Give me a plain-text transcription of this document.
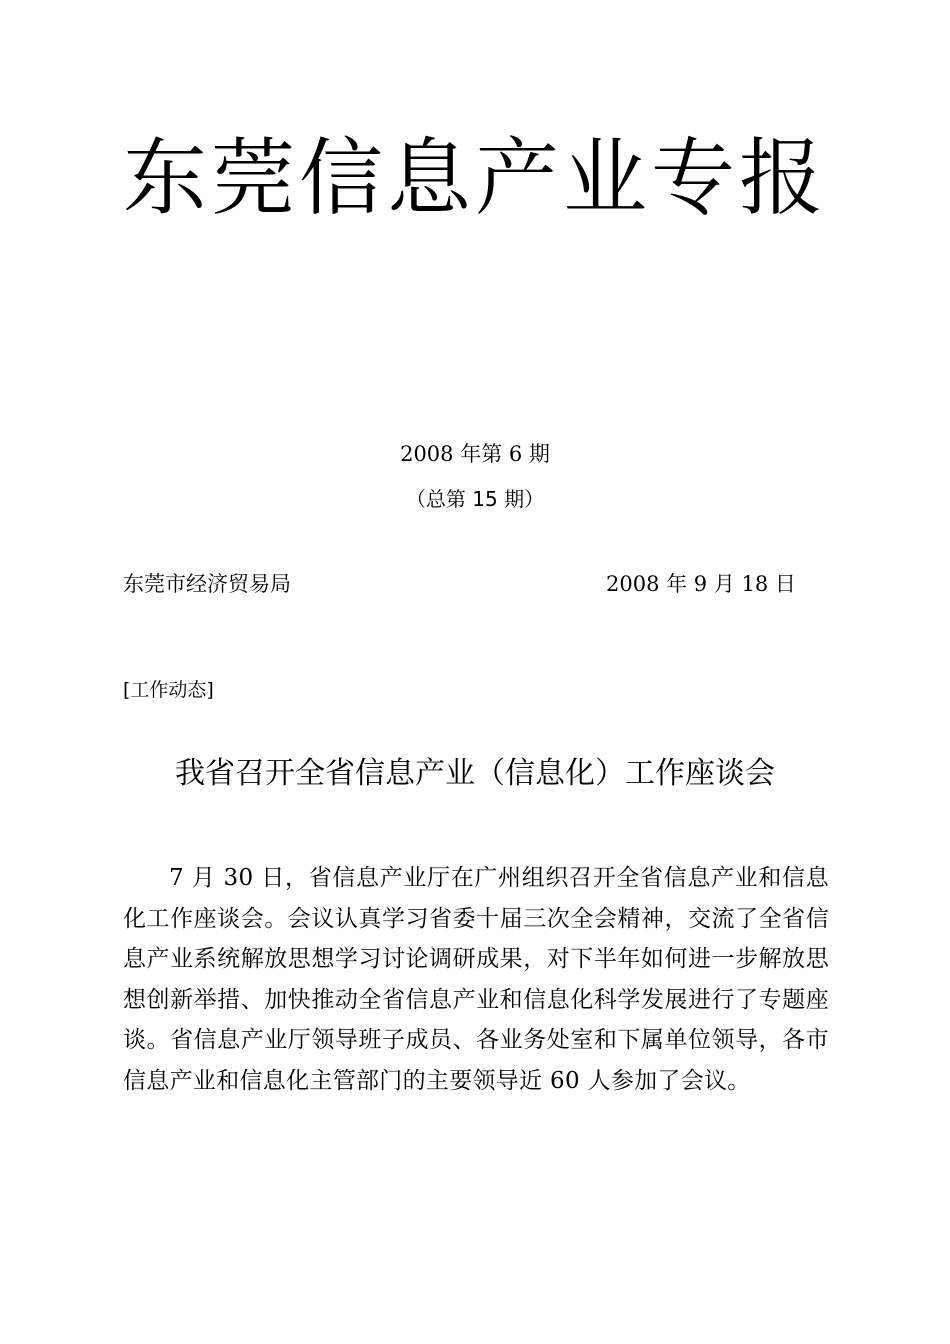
东莞信息产业专报
2008 年第 6 期
（总第 15 期）
东莞市经济贸易局	2008 年 9 月 18 日
[工作动态]
我省召开全省信息产业（信息化）工作座谈会

7 月 30 日，省信息产业厅在广州组织召开全省信息产业和信息化工作座谈会。会议认真学习省委十届三次全会精神，交流了全省信息产业系统解放思想学习讨论调研成果，对下半年如何进一步解放思想创新举措、加快推动全省信息产业和信息化科学发展进行了专题座谈。省信息产业厅领导班子成员、各业务处室和下属单位领导，各市信息产业和信息化主管部门的主要领导近 60 人参加了会议。
